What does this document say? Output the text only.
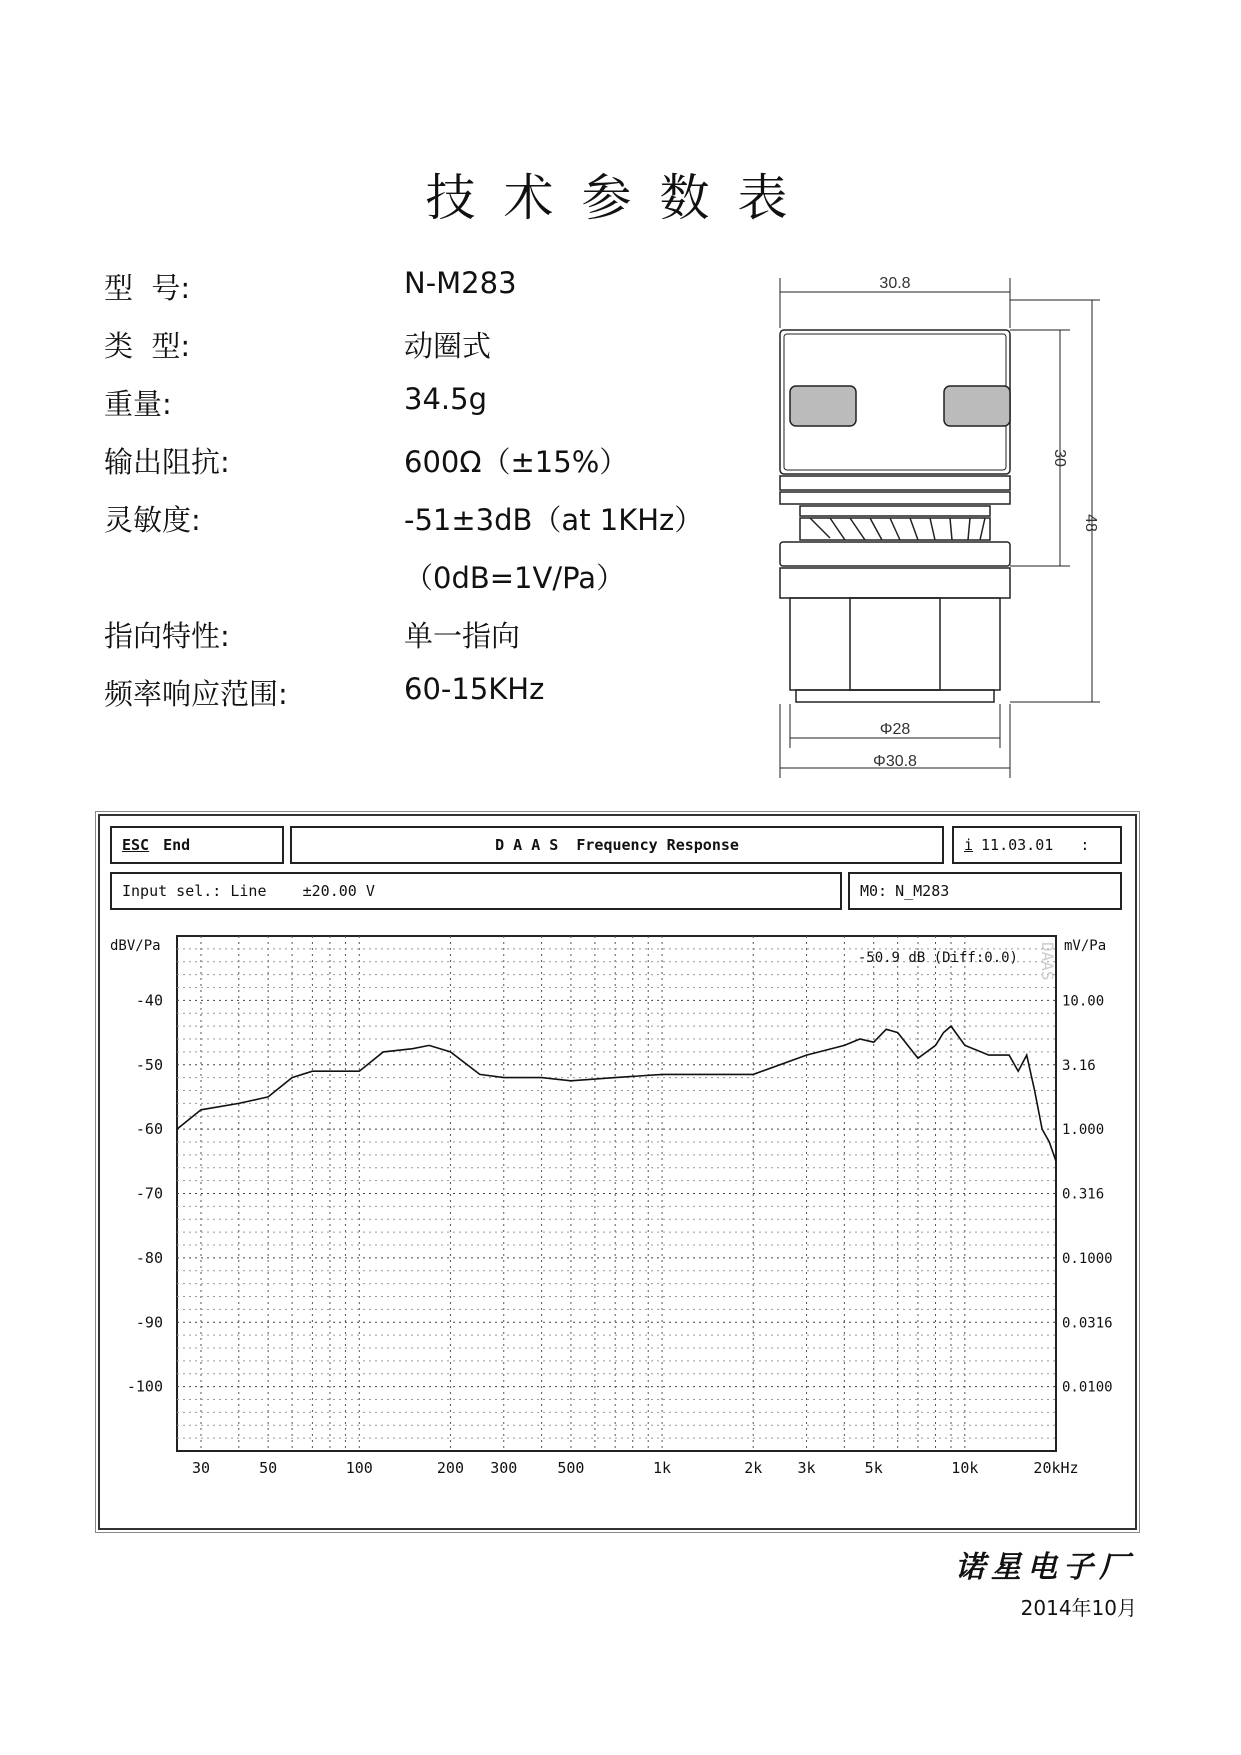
技术参数表
型  号:	N-M283
类  型:	动圈式
重量:	34.5g
输出阻抗:	600Ω（±15%）
灵敏度:	-51±3dB（at 1KHz）
（0dB=1V/Pa）
指向特性:	单一指向
频率响应范围:	60-15KHz
30.8
30
48
Φ28
Φ30.8
ESC End	D A A S  Frequency Response	i 11.03.01   :
Input sel.: Line    ±20.00 V	M0: N_M283
dBV/Pa	mV/Pa
-40
-50
-60
-70
-80
-90
-100
10.00
3.16
1.000
0.316
0.1000
0.0316
0.0100
30	50	100	200 300	500	1k	2k 3k	5k	10k	20kHz
-50.9 dB (Diff:0.0) DAAS
诺星电子厂
2014年10月
